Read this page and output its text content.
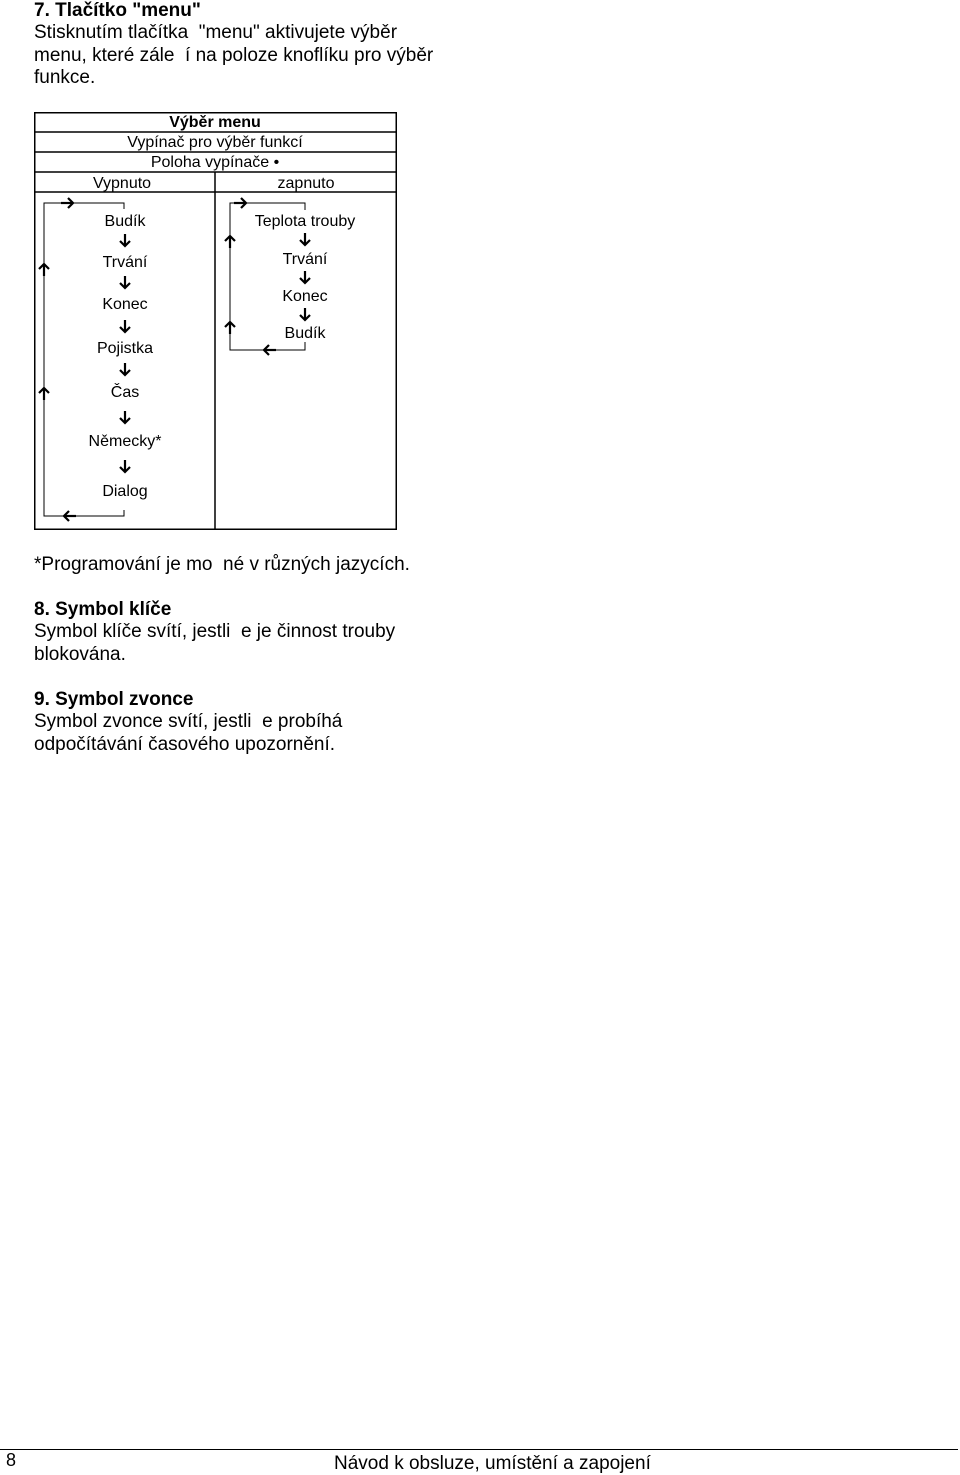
7. Tlačítko "menu"
Stisknutím tlačítka  "menu" aktivujete výběr
menu, které zále  í na poloze knoflíku pro výběr
funkce.
Výběr menu
Vypínač pro výběr funkcí
Poloha vypínače •
Vypnuto	zapnuto
Budík
Trvání
Konec
Pojistka
Čas
Německy*
Dialog
Teplota trouby
Trvání
Konec
Budík

*Programování je mo  né v různých jazycích.

8. Symbol klíče
Symbol klíče svítí, jestli  e je činnost trouby
blokována.
9. Symbol zvonce
Symbol zvonce svítí, jestli  e probíhá
odpočítávání časového upozornění.
8	Návod k obsluze, umístění a zapojení
